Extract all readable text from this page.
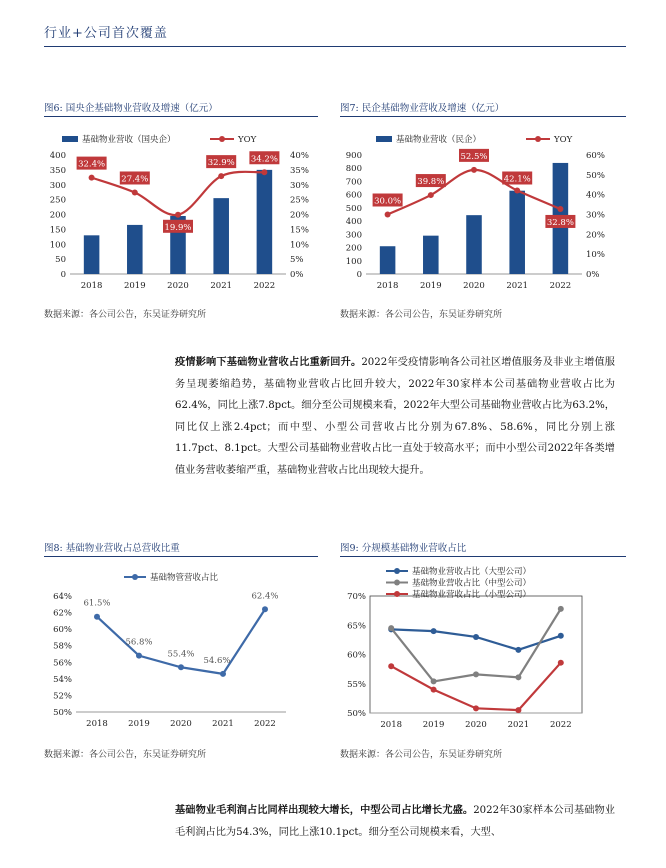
行业+公司首次覆盖
图6: 国央企基础物业营收及增速（亿元）
基础物业营收（国央企）	YOY
0
50
100
150
200
250
300
350
400
0%
5%
10%
15%
20%
25%
30%
35%
40%
2018	2019	2020	2021	2022
32.4%
27.4%
19.9%
32.9% 34.2%
数据来源：各公司公告，东吴证券研究所
图7: 民企基础物业营收及增速（亿元）
基础物业营收（民企）	YOY
0
100
200
300
400
500
600
700
800
900
0%
10%
20%
30%
40%
50%
60%
2018	2019	2020	2021	2022
30.0%
39.8%
52.5%
42.1%
32.8%
数据来源：各公司公告，东吴证券研究所
疫情影响下基础物业营收占比重新回升。2022年受疫情影响各公司社区增值服务及非业主增值服务呈现萎缩趋势，基础物业营收占比回升较大，2022年30家样本公司基础物业营收占比为62.4%，同比上涨7.8pct。细分至公司规模来看，2022年大型公司基础物业营收占比为63.2%，同比仅上涨2.4pct；而中型、小型公司营收占比分别为67.8%、58.6%，同比分别上涨11.7pct、8.1pct。大型公司基础物业营收占比一直处于较高水平；而中小型公司2022年各类增值业务营收萎缩严重，基础物业营收占比出现较大提升。
图8: 基础物业营收占总营收比重
50%
52%
54%
56%
58%
60%
62%
64%
2018 2019 2020 2021 2022
基础物管营收占比
61.5%
56.8%
55.4%
54.6%
62.4%
数据来源：各公司公告，东吴证券研究所
图9: 分规模基础物业营收占比
50%
55%
60%
65%
70%
2018 2019 2020 2021 2022
基础物业营收占比（大型公司）
基础物业营收占比（中型公司）
基础物业营收占比（小型公司）
数据来源：各公司公告，东吴证券研究所
基础物业毛利润占比同样出现较大增长，中型公司占比增长尤盛。2022年30家样本公司基础物业毛利润占比为54.3%，同比上涨10.1pct。细分至公司规模来看，大型、
